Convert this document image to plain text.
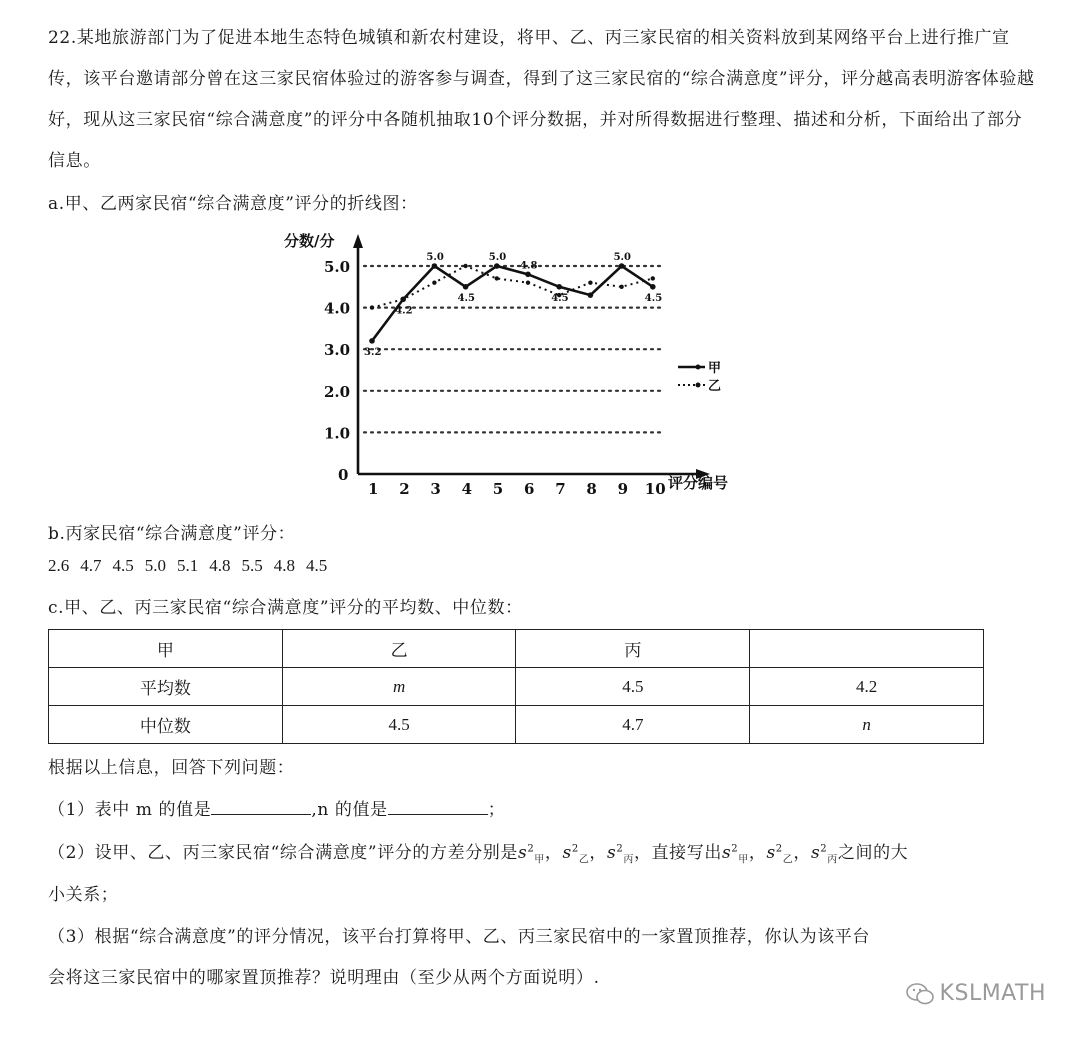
22.某地旅游部门为了促进本地生态特色城镇和新农村建设，将甲、乙、丙三家民宿的相关资料放到某网络平台上进行推广宣传，该平台邀请部分曾在这三家民宿体验过的游客参与调查，得到了这三家民宿的“综合满意度”评分，评分越高表明游客体验越好，现从这三家民宿“综合满意度”的评分中各随机抽取10个评分数据，并对所得数据进行整理、描述和分析，下面给出了部分信息。

a.甲、乙两家民宿“综合满意度”评分的折线图：
分数/分
评分编号
0
1.0
2.0
3.0
4.0
5.0
1 2 3 4 5 6 7 8 9 10
3.2
4.2
5.0
4.5
5.0
4.8
4.5
5.0
4.5
甲
乙
b.丙家民宿“综合满意度”评分：
2.6 4.7 4.5 5.0 5.1 4.8 5.5 4.8 4.5
c.甲、乙、丙三家民宿“综合满意度”评分的平均数、中位数：
甲	乙	丙	
平均数	m	4.5	4.2
中位数	4.5	4.7	n
根据以上信息，回答下列问题：
（1）表中 m 的值是	,n 的值是	；
（2）设甲、乙、丙三家民宿“综合满意度”评分的方差分别是$s^2_甲$，$s^2_乙$，$s^2_丙$，直接写出$s^2_甲$，$s^2_乙$，$s^2_丙$之间的大
小关系；
（3）根据“综合满意度”的评分情况，该平台打算将甲、乙、丙三家民宿中的一家置顶推荐，你认为该平台
会将这三家民宿中的哪家置顶推荐？说明理由（至少从两个方面说明）.
KSLMATH
